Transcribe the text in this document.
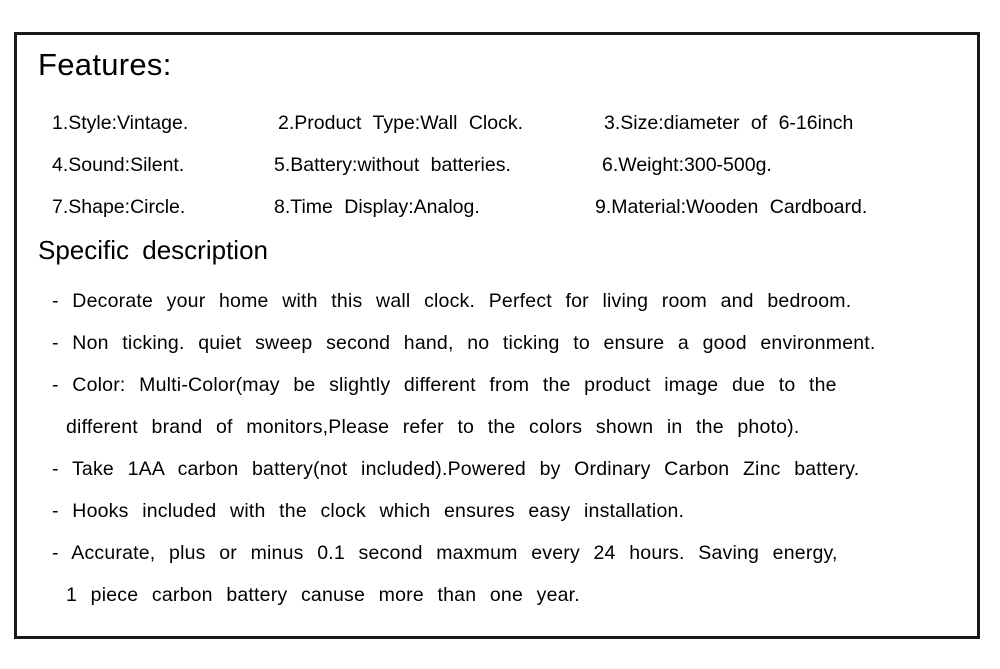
Features:
1.Style:Vintage.	2.Product Type:Wall Clock.	3.Size:diameter of 6-16inch
4.Sound:Silent.	5.Battery:without batteries.	6.Weight:300-500g.
7.Shape:Circle.	8.Time Display:Analog.	9.Material:Wooden Cardboard.
Specific description
- Decorate your home with this wall clock. Perfect for living room and bedroom.
- Non ticking. quiet sweep second hand, no ticking to ensure a good environment.
- Color: Multi-Color(may be slightly different from the product image due to the
different brand of monitors,Please refer to the colors shown in the photo).
- Take 1AA carbon battery(not included).Powered by Ordinary Carbon Zinc battery.
- Hooks included with the clock which ensures easy installation.
- Accurate, plus or minus 0.1 second maxmum every 24 hours. Saving energy,
1 piece carbon battery canuse more than one year.
